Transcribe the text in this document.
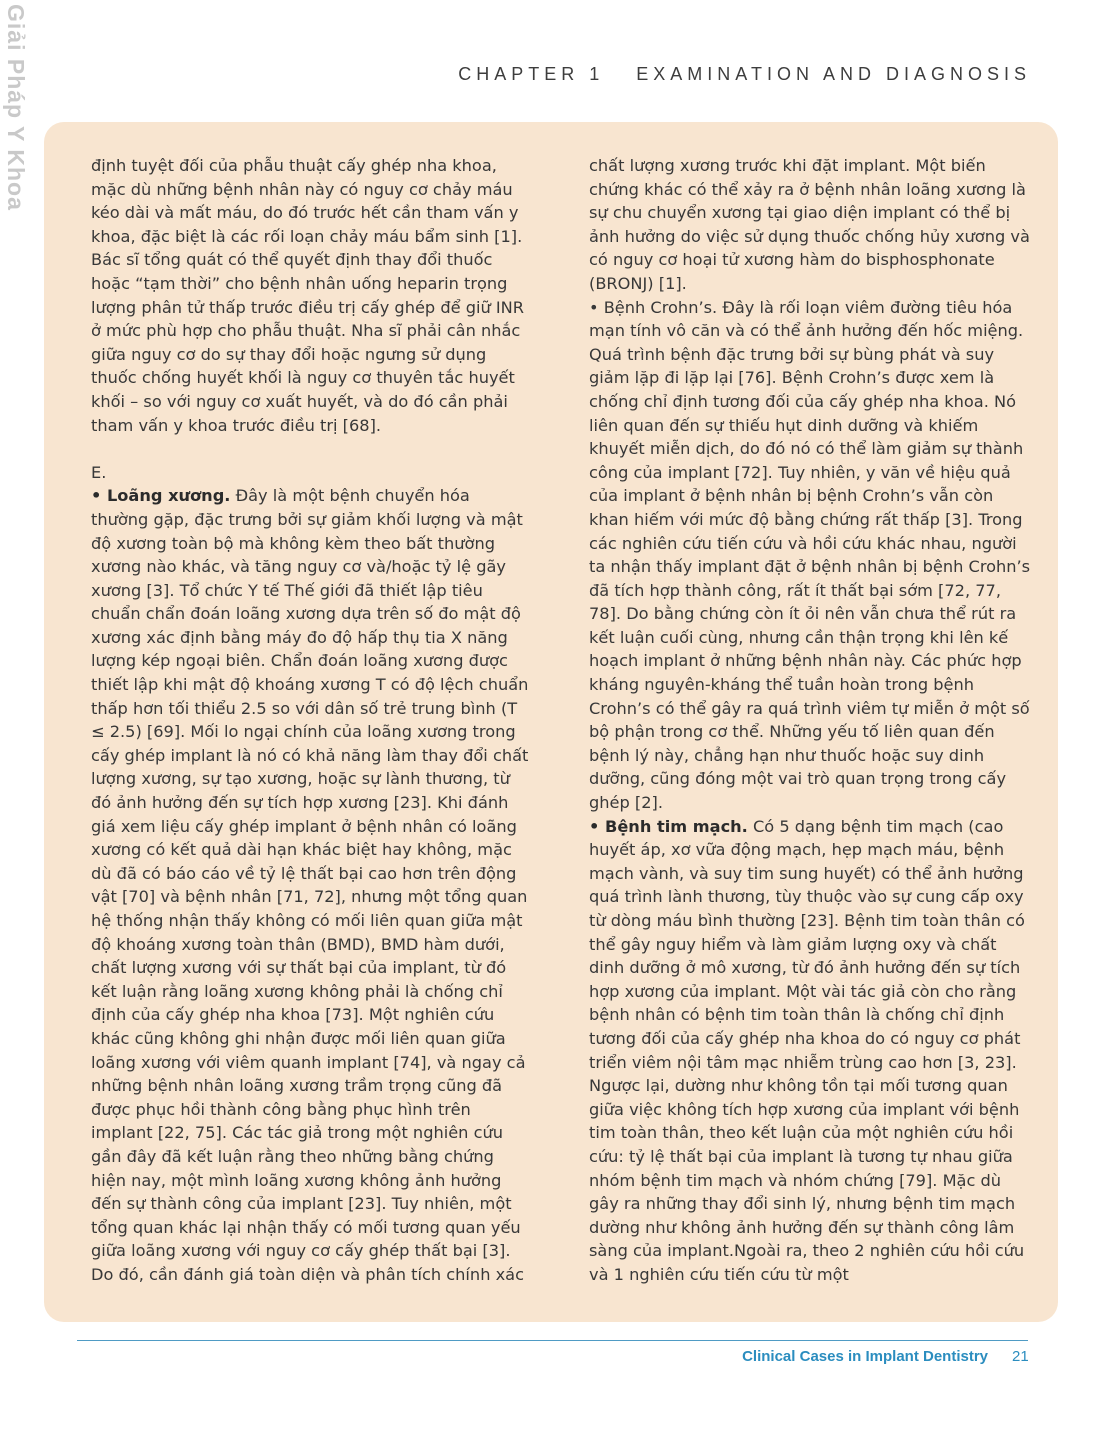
Giải Pháp Y Khoa	CHAPTER 1 EXAMINATION AND DIAGNOSIS

định tuyệt đối của phẫu thuật cấy ghép nha khoa, mặc dù những bệnh nhân này có nguy cơ chảy máu kéo dài và mất máu, do đó trước hết cần tham vấn y khoa, đặc biệt là các rối loạn chảy máu bẩm sinh [1]. Bác sĩ tổng quát có thể quyết định thay đổi thuốc hoặc “tạm thời” cho bệnh nhân uống heparin trọng lượng phân tử thấp trước điều trị cấy ghép để giữ INR ở mức phù hợp cho phẫu thuật. Nha sĩ phải cân nhắc giữa nguy cơ do sự thay đổi hoặc ngưng sử dụng thuốc chống huyết khối là nguy cơ thuyên tắc huyết khối – so với nguy cơ xuất huyết, và do đó cần phải tham vấn y khoa trước điều trị [68].

E.

• Loãng xương. Đây là một bệnh chuyển hóa thường gặp, đặc trưng bởi sự giảm khối lượng và mật độ xương toàn bộ mà không kèm theo bất thường xương nào khác, và tăng nguy cơ và/hoặc tỷ lệ gãy xương [3]. Tổ chức Y tế Thế giới đã thiết lập tiêu chuẩn chẩn đoán loãng xương dựa trên số đo mật độ xương xác định bằng máy đo độ hấp thụ tia X năng lượng kép ngoại biên. Chẩn đoán loãng xương được thiết lập khi mật độ khoáng xương T có độ lệch chuẩn thấp hơn tối thiểu 2.5 so với dân số trẻ trung bình (T ≤ 2.5) [69]. Mối lo ngại chính của loãng xương trong cấy ghép implant là nó có khả năng làm thay đổi chất lượng xương, sự tạo xương, hoặc sự lành thương, từ đó ảnh hưởng đến sự tích hợp xương [23]. Khi đánh giá xem liệu cấy ghép implant ở bệnh nhân có loãng xương có kết quả dài hạn khác biệt hay không, mặc dù đã có báo cáo về tỷ lệ thất bại cao hơn trên động vật [70] và bệnh nhân [71, 72], nhưng một tổng quan hệ thống nhận thấy không có mối liên quan giữa mật độ khoáng xương toàn thân (BMD), BMD hàm dưới, chất lượng xương với sự thất bại của implant, từ đó kết luận rằng loãng xương không phải là chống chỉ định của cấy ghép nha khoa [73]. Một nghiên cứu khác cũng không ghi nhận được mối liên quan giữa loãng xương với viêm quanh implant [74], và ngay cả những bệnh nhân loãng xương trầm trọng cũng đã được phục hồi thành công bằng phục hình trên implant [22, 75]. Các tác giả trong một nghiên cứu gần đây đã kết luận rằng theo những bằng chứng hiện nay, một mình loãng xương không ảnh hưởng đến sự thành công của implant [23]. Tuy nhiên, một tổng quan khác lại nhận thấy có mối tương quan yếu giữa loãng xương với nguy cơ cấy ghép thất bại [3]. Do đó, cần đánh giá toàn diện và phân tích chính xác

chất lượng xương trước khi đặt implant. Một biến chứng khác có thể xảy ra ở bệnh nhân loãng xương là sự chu chuyển xương tại giao diện implant có thể bị ảnh hưởng do việc sử dụng thuốc chống hủy xương và có nguy cơ hoại tử xương hàm do bisphosphonate (BRONJ) [1].

• Bệnh Crohn’s. Đây là rối loạn viêm đường tiêu hóa mạn tính vô căn và có thể ảnh hưởng đến hốc miệng. Quá trình bệnh đặc trưng bởi sự bùng phát và suy giảm lặp đi lặp lại [76]. Bệnh Crohn’s được xem là chống chỉ định tương đối của cấy ghép nha khoa. Nó liên quan đến sự thiếu hụt dinh dưỡng và khiếm khuyết miễn dịch, do đó nó có thể làm giảm sự thành công của implant [72]. Tuy nhiên, y văn về hiệu quả của implant ở bệnh nhân bị bệnh Crohn’s vẫn còn khan hiếm với mức độ bằng chứng rất thấp [3]. Trong các nghiên cứu tiến cứu và hồi cứu khác nhau, người ta nhận thấy implant đặt ở bệnh nhân bị bệnh Crohn’s đã tích hợp thành công, rất ít thất bại sớm [72, 77, 78]. Do bằng chứng còn ít ỏi nên vẫn chưa thể rút ra kết luận cuối cùng, nhưng cần thận trọng khi lên kế hoạch implant ở những bệnh nhân này. Các phức hợp kháng nguyên-kháng thể tuần hoàn trong bệnh Crohn’s có thể gây ra quá trình viêm tự miễn ở một số bộ phận trong cơ thể. Những yếu tố liên quan đến bệnh lý này, chẳng hạn như thuốc hoặc suy dinh dưỡng, cũng đóng một vai trò quan trọng trong cấy ghép [2].

• Bệnh tim mạch. Có 5 dạng bệnh tim mạch (cao huyết áp, xơ vữa động mạch, hẹp mạch máu, bệnh mạch vành, và suy tim sung huyết) có thể ảnh hưởng quá trình lành thương, tùy thuộc vào sự cung cấp oxy từ dòng máu bình thường [23]. Bệnh tim toàn thân có thể gây nguy hiểm và làm giảm lượng oxy và chất dinh dưỡng ở mô xương, từ đó ảnh hưởng đến sự tích hợp xương của implant. Một vài tác giả còn cho rằng bệnh nhân có bệnh tim toàn thân là chống chỉ định tương đối của cấy ghép nha khoa do có nguy cơ phát triển viêm nội tâm mạc nhiễm trùng cao hơn [3, 23]. Ngược lại, dường như không tồn tại mối tương quan giữa việc không tích hợp xương của implant với bệnh tim toàn thân, theo kết luận của một nghiên cứu hồi cứu: tỷ lệ thất bại của implant là tương tự nhau giữa nhóm bệnh tim mạch và nhóm chứng [79]. Mặc dù gây ra những thay đổi sinh lý, nhưng bệnh tim mạch dường như không ảnh hưởng đến sự thành công lâm sàng của implant.Ngoài ra, theo 2 nghiên cứu hồi cứu và 1 nghiên cứu tiến cứu từ một

Clinical Cases in Implant Dentistry 21
